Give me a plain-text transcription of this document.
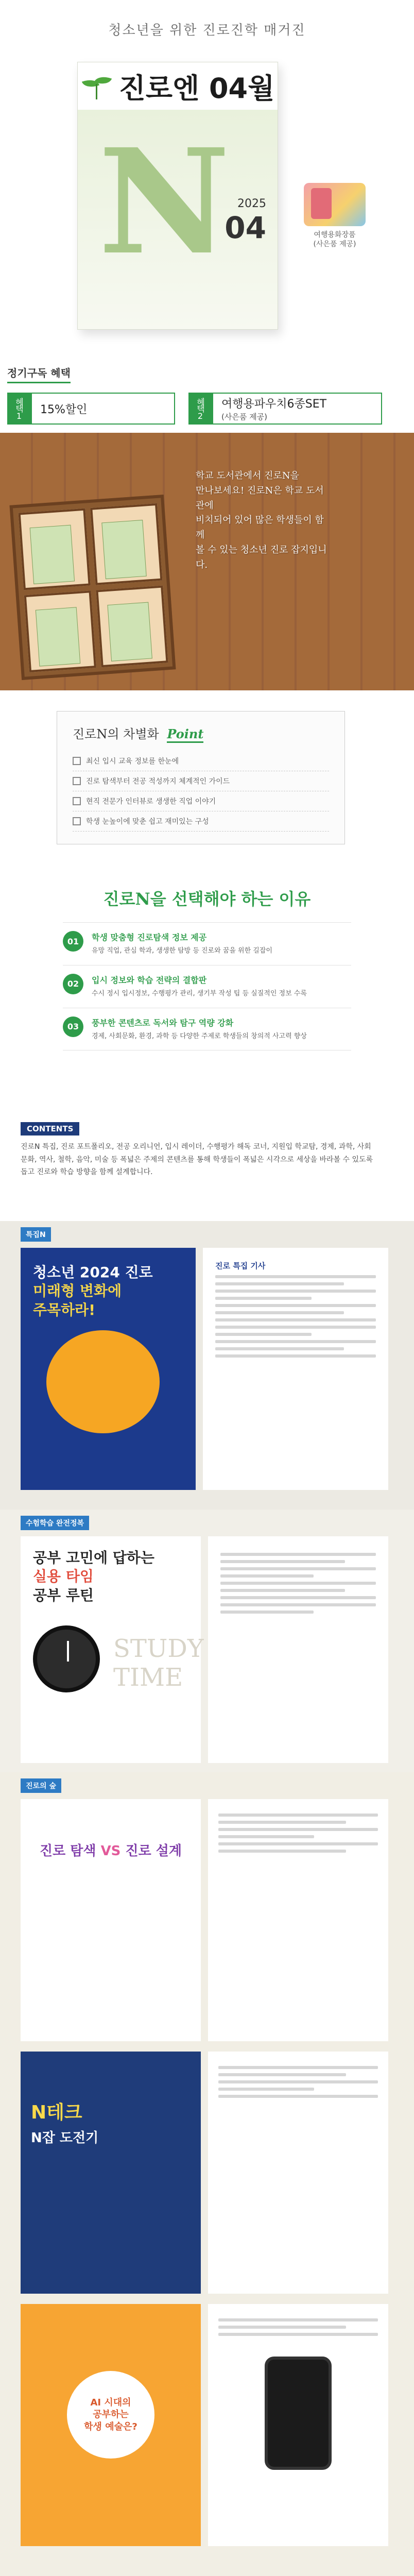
청소년을 위한 진로진학 매거진
진로엔 04월
N 2025
04	여행용화장품
(사은품 제공)
정기구독 혜택
혜택1	15%할인	혜택2	여행용파우치6종SET
(사은품 제공)
학교 도서관에서 진로N을
만나보세요! 진로N은 학교 도서관에
비치되어 있어 많은 학생들이 함께
볼 수 있는 청소년 진로 잡지입니다.
진로N의 차별화 Point
최신 입시 교육 정보를 한눈에
진로 탐색부터 전공 적성까지 체계적인 가이드
현직 전문가 인터뷰로 생생한 직업 이야기
학생 눈높이에 맞춘 쉽고 재미있는 구성
진로N을 선택해야 하는 이유
01	학생 맞춤형 진로탐색 정보 제공
유망 직업, 관심 학과, 생생한 탐방 등 진로와 꿈을 위한 길잡이
02	입시 정보와 학습 전략의 결합판
수시 정시 입시정보, 수행평가 관리, 생기부 작성 팁 등 실질적인 정보 수록
03	풍부한 콘텐츠로 독서와 탐구 역량 강화
경제, 사회문화, 환경, 과학 등 다양한 주제로 학생들의 창의적 사고력 향상
CONTENTS
진로N 특집, 진로 포트폴리오, 전공 오리니언, 입시 레이더, 수행평가 해독 코너, 지원입 학교탐, 경제, 과학, 사회 문화, 역사, 철학, 음악, 미술 등 폭넓은 주제의 콘텐츠를 통해 학생들이 폭넓은 시각으로 세상을 바라볼 수 있도록 돕고 진로와 학습 방향을 함께 설계합니다.
특집N
청소년 2024 진로
미래형 변화에
주목하라!
진로 특집 기사
수험학습 완전정복
공부 고민에 답하는
실용 타임
공부 루틴
STUDY TIME
진로의 숲
진로 탐색 VS 진로 설계
N테크
N잡 도전기
AI 시대의
공부하는
학생 예술은?
